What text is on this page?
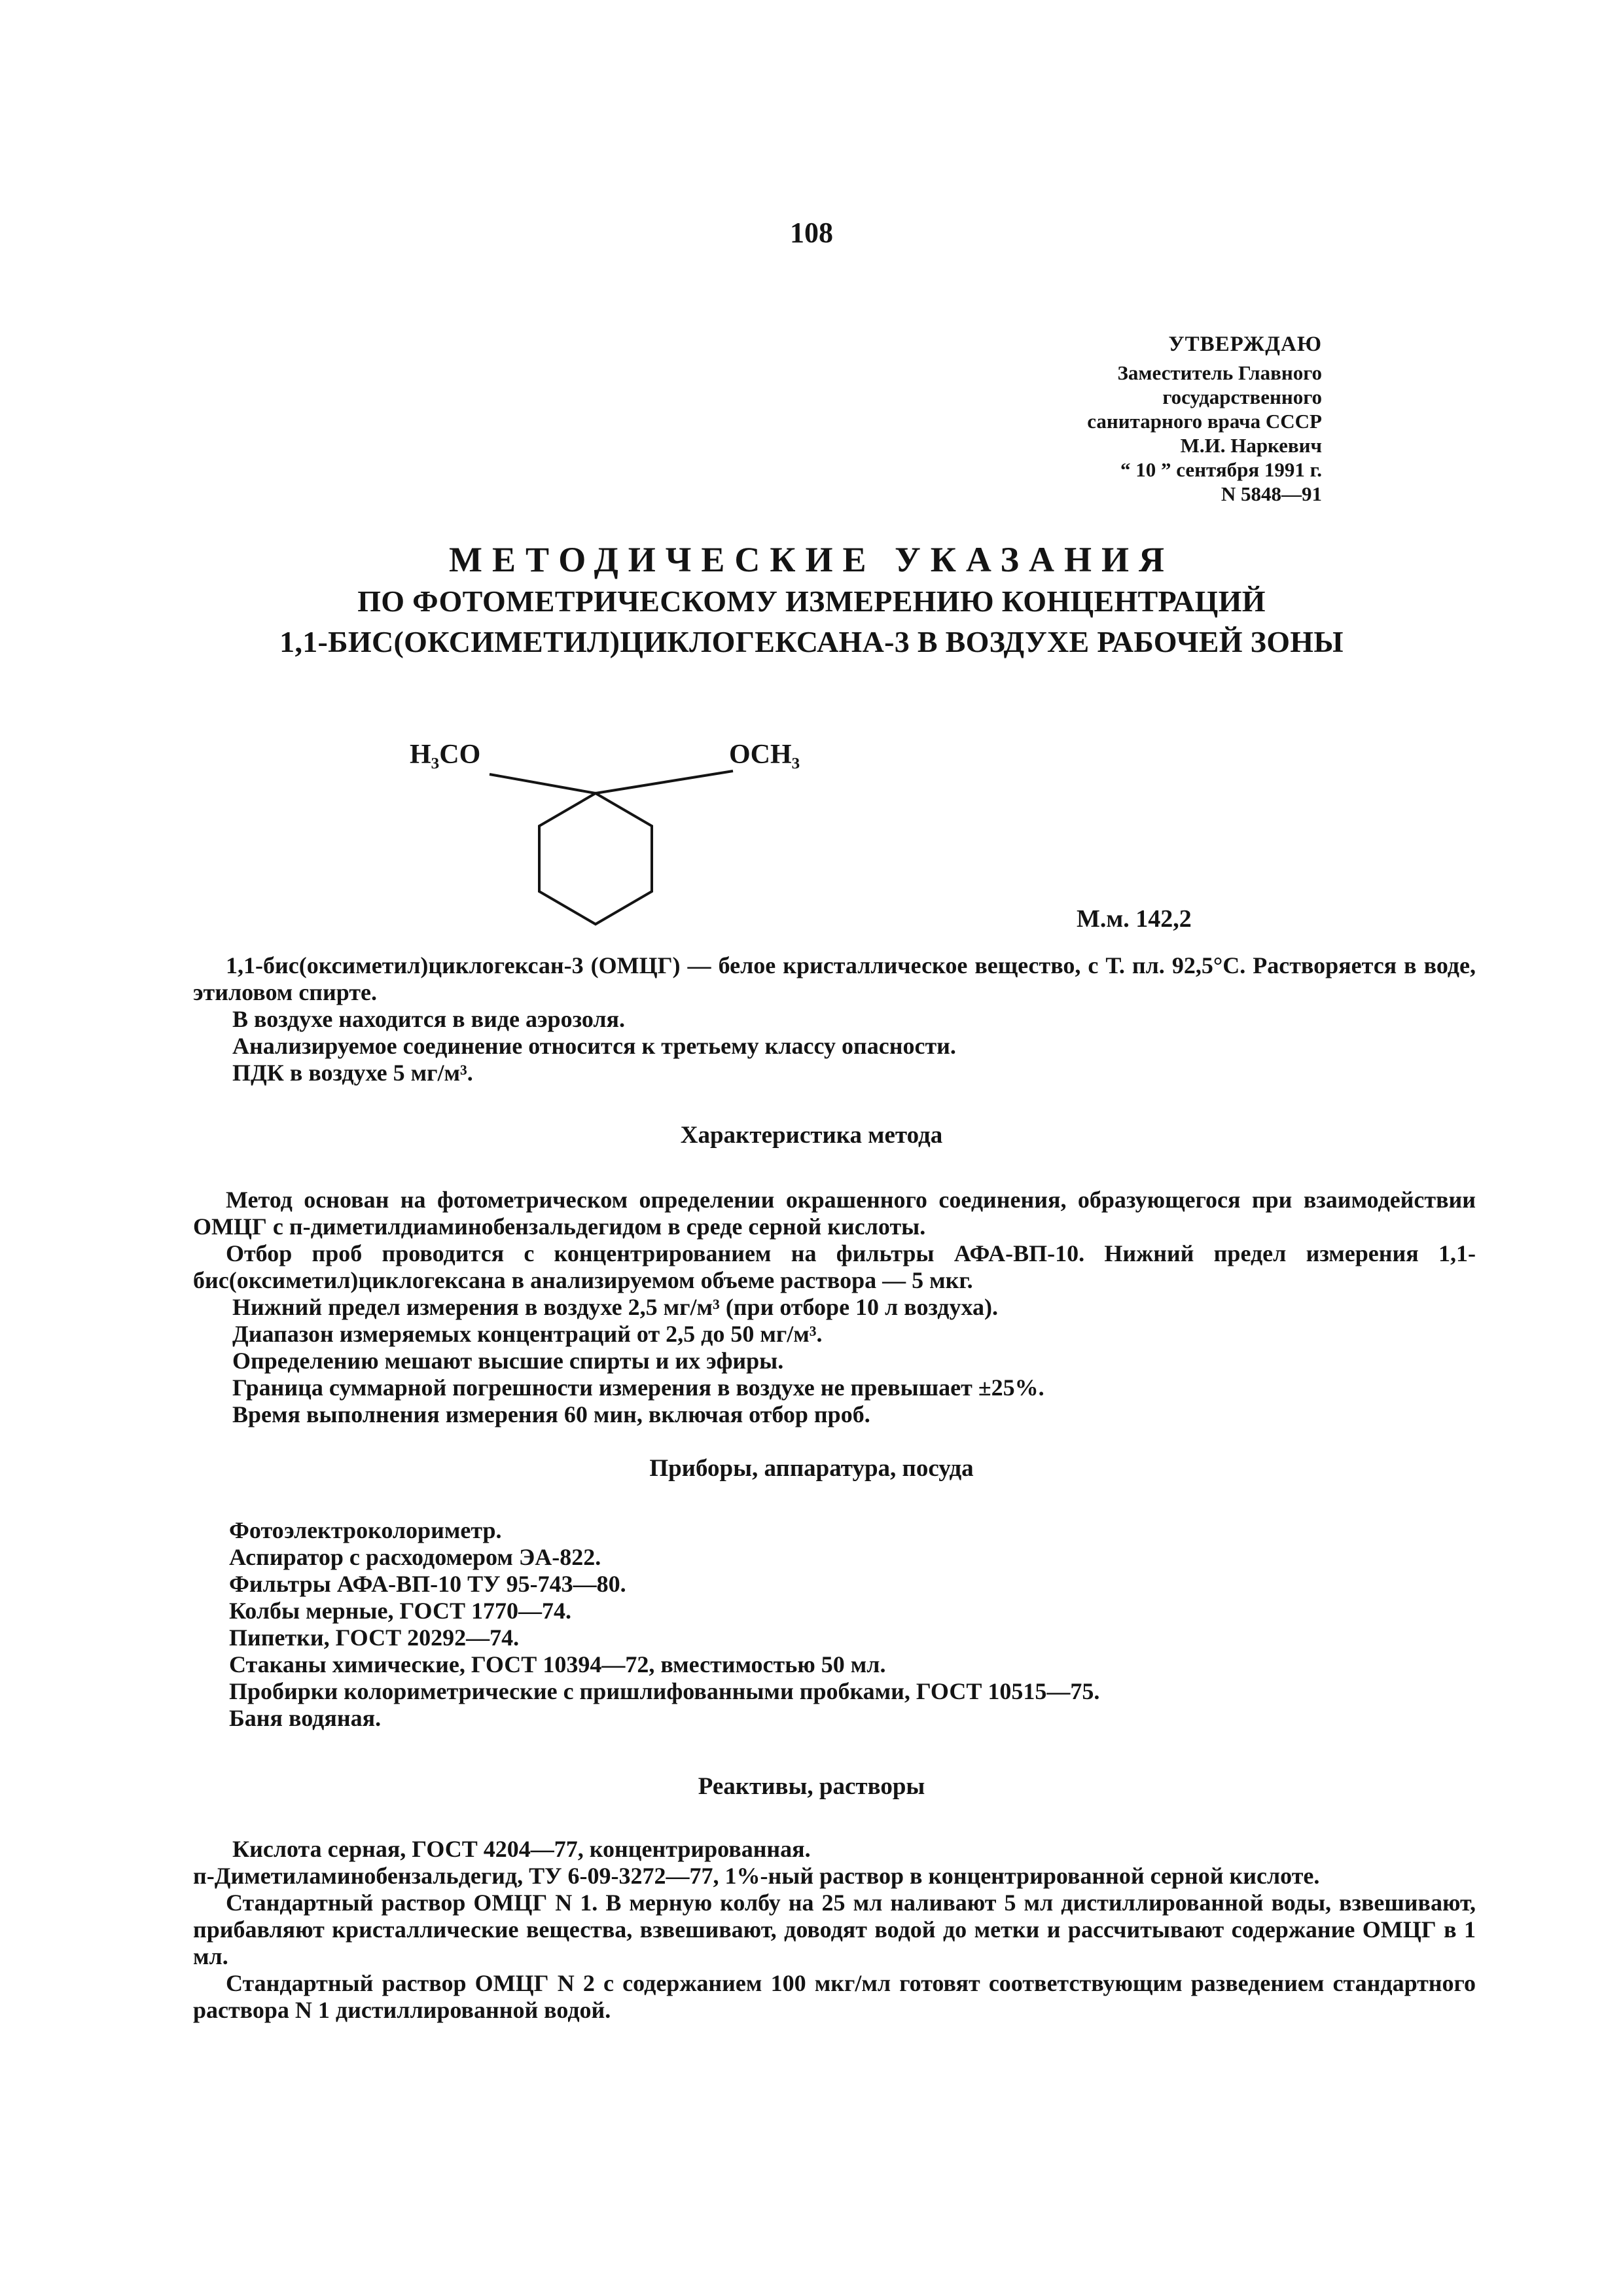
108
УТВЕРЖДАЮ
Заместитель Главного государственного
санитарного врача СССР
М.И. Наркевич
“ 10 ” сентября 1991 г.
N 5848—91
МЕТОДИЧЕСКИЕ УКАЗАНИЯ
ПО ФОТОМЕТРИЧЕСКОМУ ИЗМЕРЕНИЮ КОНЦЕНТРАЦИЙ
1,1-БИС(ОКСИМЕТИЛ)ЦИКЛОГЕКСАНА-3 В ВОЗДУХЕ РАБОЧЕЙ ЗОНЫ
H₃CO	OCH₃
М.м. 142,2

1,1-бис(оксиметил)циклогексан-3 (ОМЦГ) — белое кристаллическое вещество, с Т. пл. 92,5°С. Растворяется в воде, этиловом спирте.

В воздухе находится в виде аэрозоля.

Анализируемое соединение относится к третьему классу опасности.

ПДК в воздухе 5 мг/м³.

Характеристика метода

Метод основан на фотометрическом определении окрашенного соединения, образующегося при взаимодействии ОМЦГ с п-диметилдиаминобензальдегидом в среде серной кислоты.

Отбор проб проводится с концентрированием на фильтры АФА-ВП-10. Нижний предел измерения 1,1-бис(оксиметил)циклогексана в анализируемом объеме раствора — 5 мкг.

Нижний предел измерения в воздухе 2,5 мг/м³ (при отборе 10 л воздуха).

Диапазон измеряемых концентраций от 2,5 до 50 мг/м³.

Определению мешают высшие спирты и их эфиры.

Граница суммарной погрешности измерения в воздухе не превышает ±25%.

Время выполнения измерения 60 мин, включая отбор проб.

Приборы, аппаратура, посуда
Фотоэлектроколориметр.
Аспиратор с расходомером ЭА-822.
Фильтры АФА-ВП-10 ТУ 95-743—80.
Колбы мерные, ГОСТ 1770—74.
Пипетки, ГОСТ 20292—74.
Стаканы химические, ГОСТ 10394—72, вместимостью 50 мл.
Пробирки колориметрические с пришлифованными пробками, ГОСТ 10515—75.
Баня водяная.
Реактивы, растворы

Кислота серная, ГОСТ 4204—77, концентрированная.

п-Диметиламинобензальдегид, ТУ 6-09-3272—77, 1%-ный раствор в концентрированной серной кислоте.

Стандартный раствор ОМЦГ N 1. В мерную колбу на 25 мл наливают 5 мл дистиллированной воды, взвешивают, прибавляют кристаллические вещества, взвешивают, доводят водой до метки и рассчитывают содержание ОМЦГ в 1 мл.

Стандартный раствор ОМЦГ N 2 с содержанием 100 мкг/мл готовят соответствующим разведением стандартного раствора N 1 дистиллированной водой.
